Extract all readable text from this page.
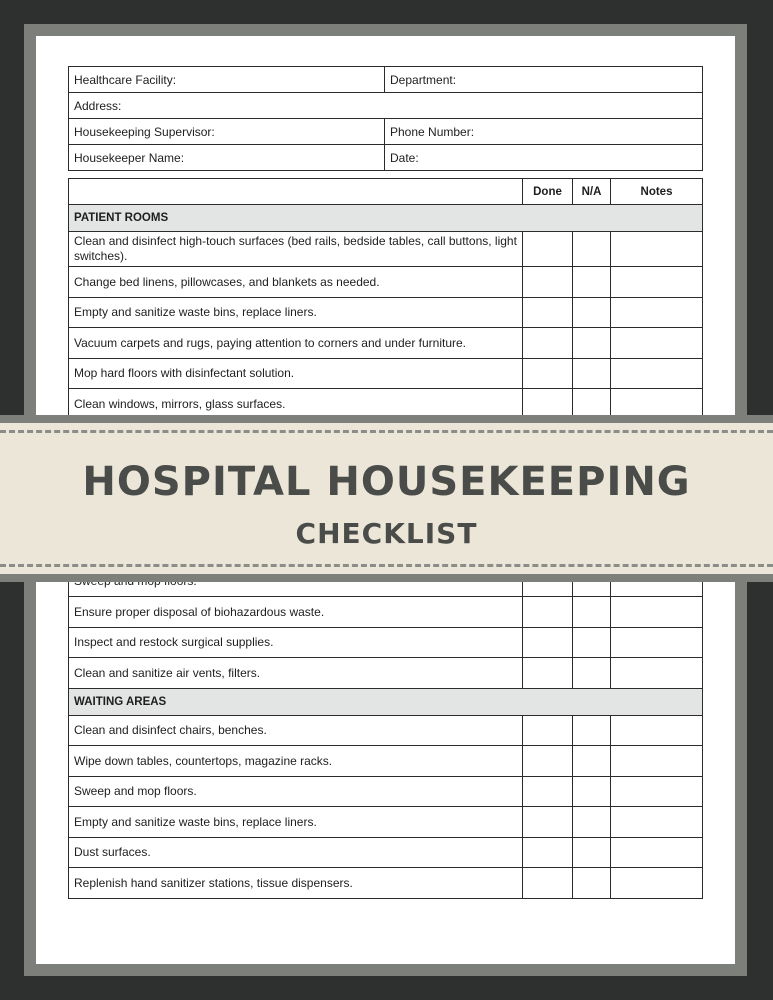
Healthcare Facility:	Department:
Address:	
Housekeeping Supervisor:	Phone Number:
Housekeeper Name:	Date:
	Done	N/A	Notes
PATIENT ROOMS			
Clean and disinfect high-touch surfaces (bed rails, bedside tables, call buttons, light switches).			
Change bed linens, pillowcases, and blankets as needed.			
Empty and sanitize waste bins, replace liners.			
Vacuum carpets and rugs, paying attention to corners and under furniture.			
Mop hard floors with disinfectant solution.			
Clean windows, mirrors, glass surfaces.			

Ensure proper disposal of biohazardous waste.			
Inspect and restock surgical supplies.			
Clean and sanitize air vents, filters.			
WAITING AREAS			
Clean and disinfect chairs, benches.			
Wipe down tables, countertops, magazine racks.			
Sweep and mop floors.			
Empty and sanitize waste bins, replace liners.			
Dust surfaces.			
Replenish hand sanitizer stations, tissue dispensers.			
HOSPITAL HOUSEKEEPING
CHECKLIST
